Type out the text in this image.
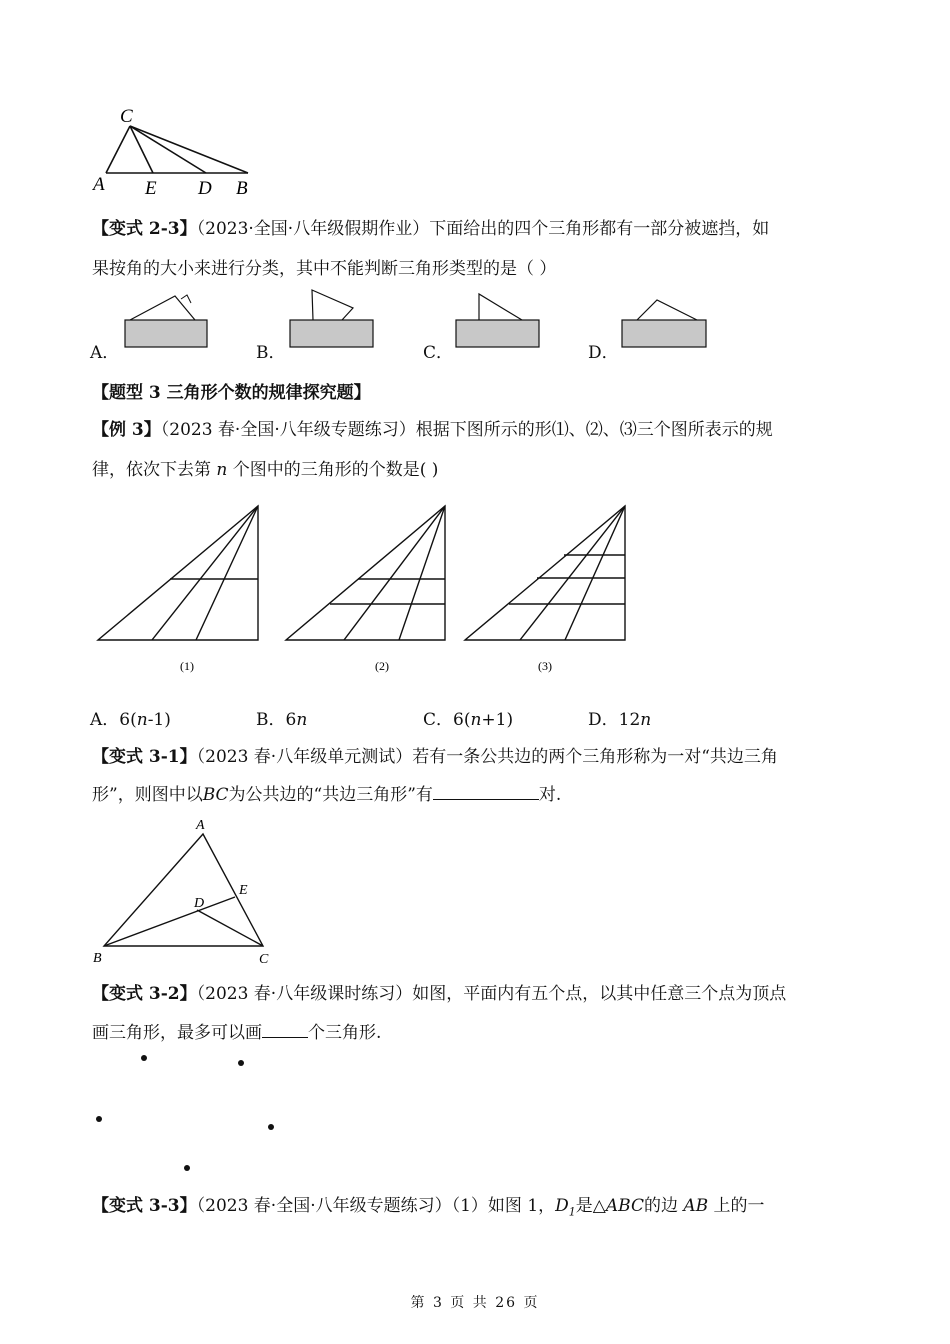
C
A E D B
【变式 2-3】（2023·全国·八年级假期作业）下面给出的四个三角形都有一部分被遮挡，如
果按角的大小来进行分类，其中不能判断三角形类型的是（ ）
A．	B．	C．	D．
【题型 3 三角形个数的规律探究题】
【例 3】（2023 春·全国·八年级专题练习）根据下图所示的形⑴、⑵、⑶三个图所表示的规
律，依次下去第 n 个图中的三角形的个数是( )
(1)	(2)	(3)
A．6(n-1)	B．6n	C．6(n+1)	D．12n
【变式 3-1】（2023 春·八年级单元测试）若有一条公共边的两个三角形称为一对“共边三角
形”，则图中以BC为公共边的“共边三角形”有	对.
A
B	C
D
E
【变式 3-2】（2023 春·八年级课时练习）如图，平面内有五个点，以其中任意三个点为顶点
画三角形，最多可以画	个三角形.
【变式 3-3】（2023 春·全国·八年级专题练习）（1）如图 1，$D_1$是△ABC的边 AB 上的一
第 3 页 共 26 页
